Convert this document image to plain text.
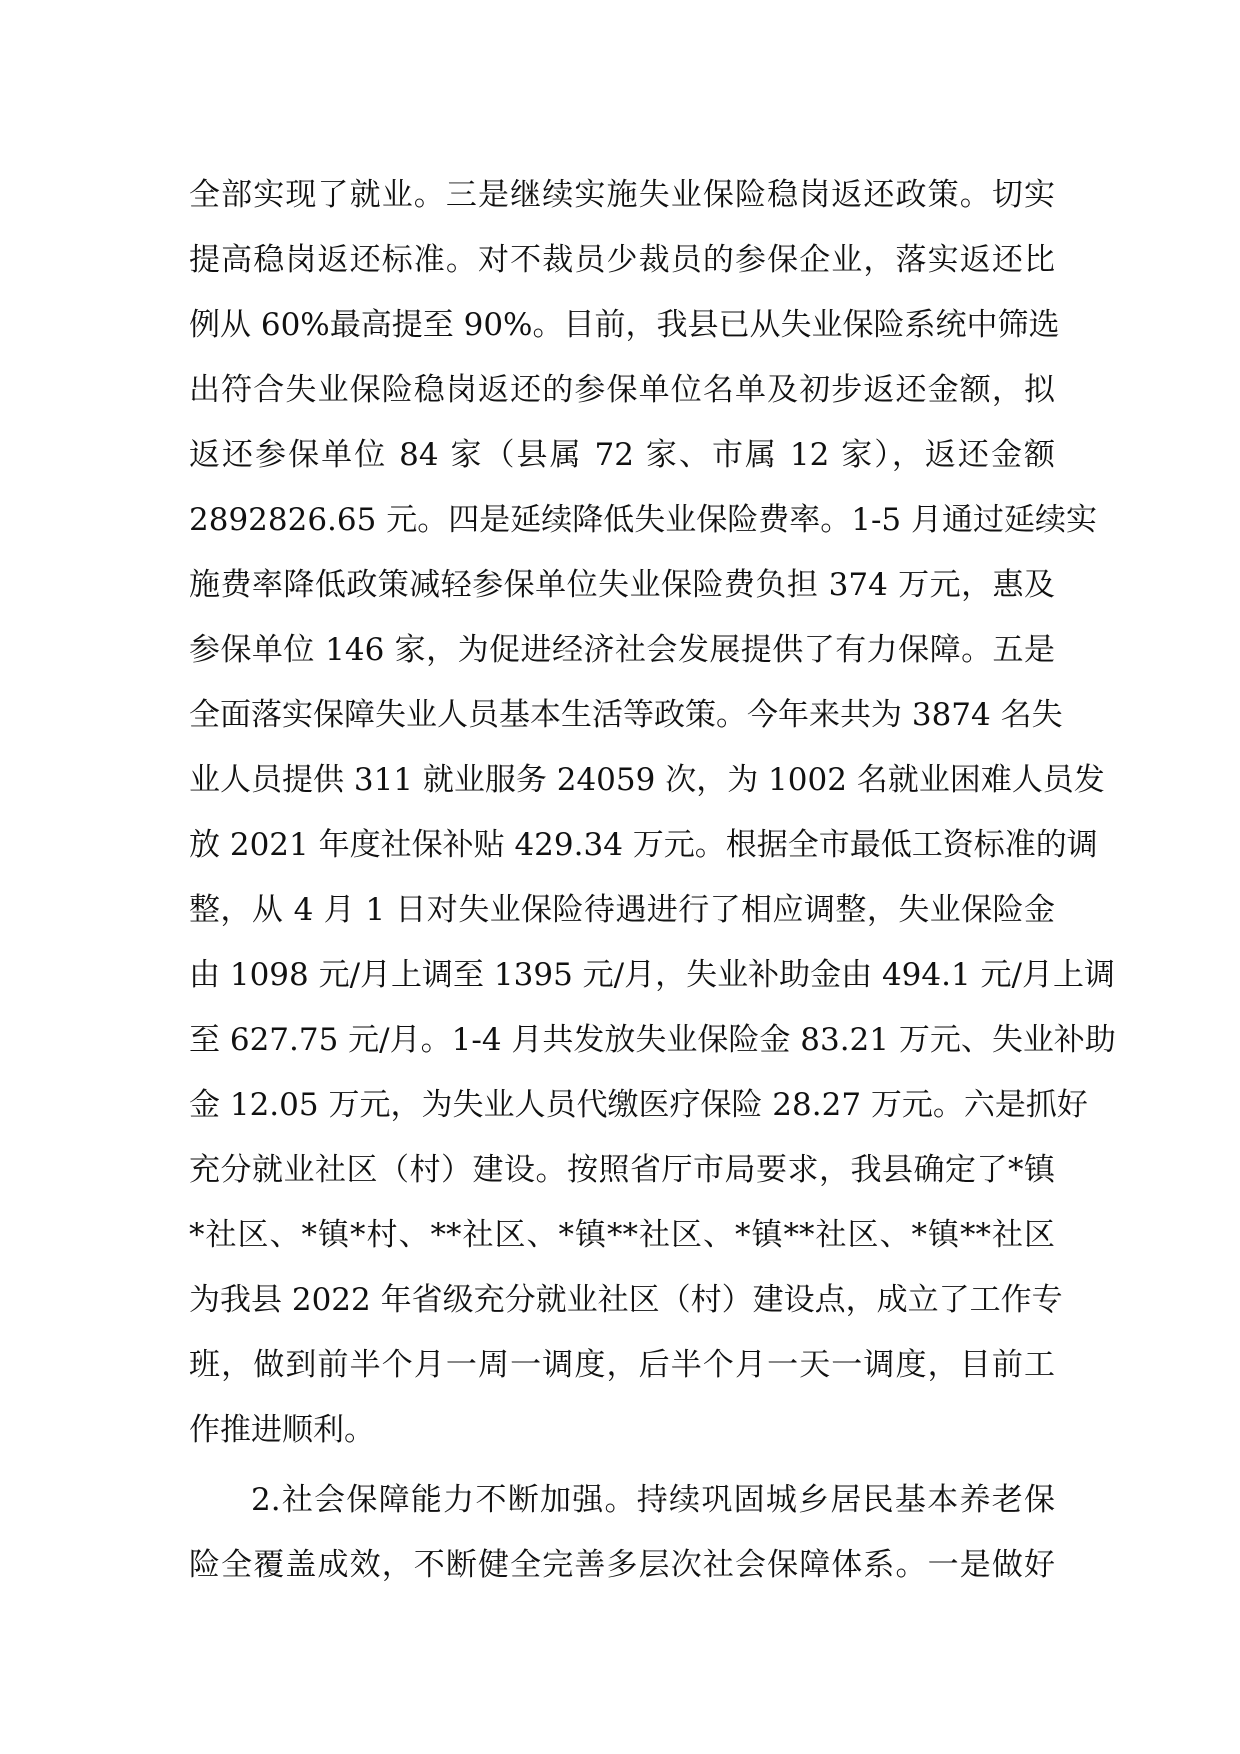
全部实现了就业。三是继续实施失业保险稳岗返还政策。切实
提高稳岗返还标准。对不裁员少裁员的参保企业，落实返还比
例从 60%最高提至 90%。目前，我县已从失业保险系统中筛选
出符合失业保险稳岗返还的参保单位名单及初步返还金额，拟
返还参保单位 84 家（县属 72 家、市属 12 家），返还金额
2892826.65 元。四是延续降低失业保险费率。1-5 月通过延续实
施费率降低政策减轻参保单位失业保险费负担 374 万元，惠及
参保单位 146 家，为促进经济社会发展提供了有力保障。五是
全面落实保障失业人员基本生活等政策。今年来共为 3874 名失
业人员提供 311 就业服务 24059 次，为 1002 名就业困难人员发
放 2021 年度社保补贴 429.34 万元。根据全市最低工资标准的调
整，从 4 月 1 日对失业保险待遇进行了相应调整，失业保险金
由 1098 元/月上调至 1395 元/月，失业补助金由 494.1 元/月上调
至 627.75 元/月。1-4 月共发放失业保险金 83.21 万元、失业补助
金 12.05 万元，为失业人员代缴医疗保险 28.27 万元。六是抓好
充分就业社区（村）建设。按照省厅市局要求，我县确定了*镇
*社区、*镇*村、**社区、*镇**社区、*镇**社区、*镇**社区
为我县 2022 年省级充分就业社区（村）建设点，成立了工作专
班，做到前半个月一周一调度，后半个月一天一调度，目前工
作推进顺利。
2.社会保障能力不断加强。持续巩固城乡居民基本养老保
险全覆盖成效，不断健全完善多层次社会保障体系。一是做好
